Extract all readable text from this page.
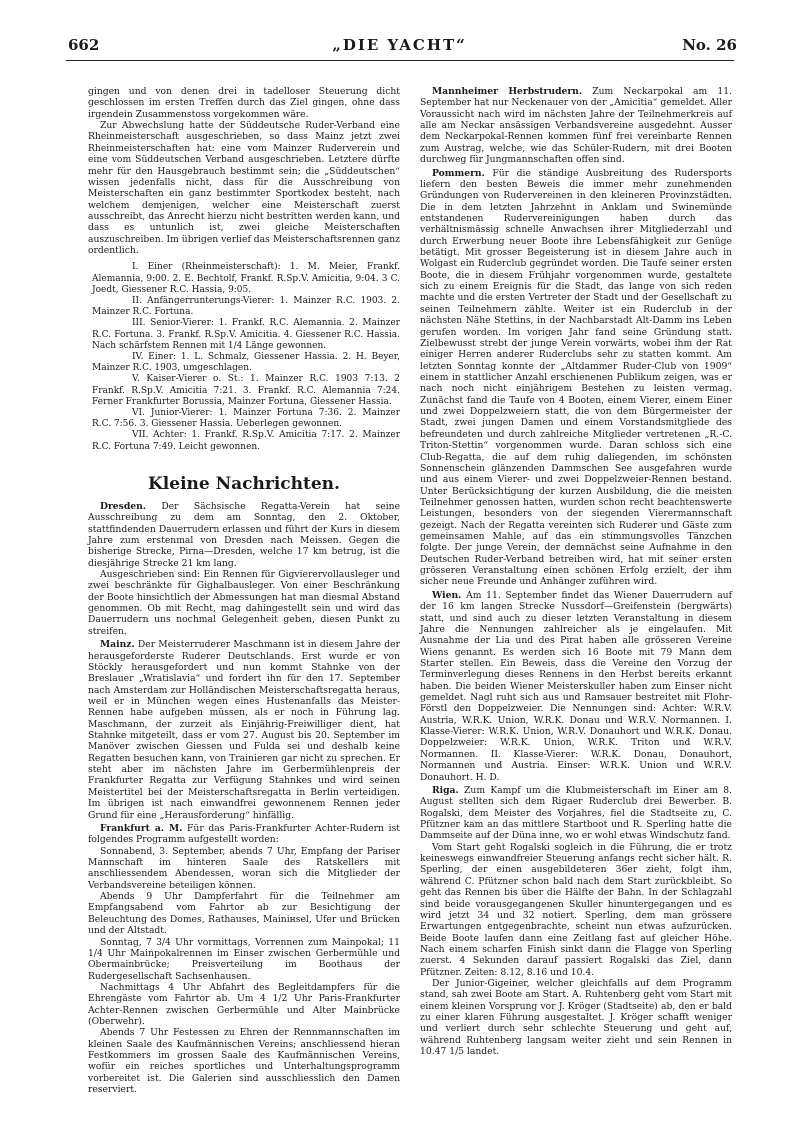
662	„DIE YACHT“	No. 26

gingen und von denen drei in tadelloser Steuerung dicht geschlossen im ersten Treffen durch das Ziel gingen, ohne dass irgendein Zusammenstoss vorgekommen wäre.

Zur Abwechslung hatte der Süddeutsche Ruder-Verband eine Rheinmeisterschaft ausgeschrieben, so dass Mainz jetzt zwei Rheinmeisterschaften hat: eine vom Mainzer Ruderverein und eine vom Süddeutschen Verband ausgeschrieben. Letztere dürfte mehr für den Hausgebrauch bestimmt sein; die „Süddeutschen“ wissen jedenfalls nicht, dass für die Ausschreibung von Meisterschaften ein ganz bestimmter Sportkodex besteht, nach welchem demjenigen, welcher eine Meisterschaft zuerst ausschreibt, das Anrecht hierzu nicht bestritten werden kann, und dass es untunlich ist, zwei gleiche Meisterschaften auszuschreiben. Im übrigen verlief das Meisterschaftsrennen ganz ordentlich.

I. Einer (Rheinmeisterschaft): 1. M. Meier, Frankf. Alemannia, 9:00. 2. E. Bechtolf, Frankf. R.Sp.V. Amicitia, 9:04. 3 C. Joedt, Giessener R.C. Hassia, 9:05.

II. Anfängerrunterungs-Vierer: 1. Mainzer R.C. 1903. 2. Mainzer R.C. Fortuna.

III. Senior-Vierer: 1. Frankf. R.C. Alemannia. 2. Mainzer R.C. Fortuna. 3. Frankf. R.Sp.V. Amicitia. 4. Giessener R.C. Hassia. Nach schärfstem Rennen mit 1/4 Länge gewonnen.

IV. Einer: 1. L. Schmalz, Giessener Hassia. 2. H. Beyer, Mainzer R.C. 1903, umgeschlagen.

V. Kaiser-Vierer o. St.: 1. Mainzer R.C. 1903 7:13. 2 Frankf. R.Sp.V. Amicitia 7:21. 3. Frankf. R.C. Alemannia 7:24. Ferner Frankfurter Borussia, Mainzer Fortuna, Giessener Hassia.

VI. Junior-Vierer: 1. Mainzer Fortuna 7:36. 2. Mainzer R.C. 7:56. 3. Giessener Hassia. Ueberlegen gewonnen.

VII. Achter: 1. Frankf. R.Sp.V. Amicitia 7:17. 2. Mainzer R.C. Fortuna 7:49. Leicht gewonnen.

Kleine Nachrichten.

Dresden. Der Sächsische Regatta-Verein hat seine Ausschreibung zu dem am Sonntag, den 2. Oktober, stattfindenden Dauerrudern erlassen und führt der Kurs in diesem Jahre zum erstenmal von Dresden nach Meissen. Gegen die bisherige Strecke, Pirna—Dresden, welche 17 km betrug, ist die diesjährige Strecke 21 km lang.

Ausgeschrieben sind: Ein Rennen für Gigvierervollausleger und zwei beschränkte für Gighalbausleger. Von einer Beschränkung der Boote hinsichtlich der Abmessungen hat man diesmal Abstand genommen. Ob mit Recht, mag dahingestellt sein und wird das Dauerrudern uns nochmal Gelegenheit geben, diesen Punkt zu streifen.

Mainz. Der Meisterruderer Maschmann ist in diesem Jahre der herausgeforderste Ruderer Deutschlands. Erst wurde er von Stöckly herausgefordert und nun kommt Stahnke von der Breslauer „Wratislavia“ und fordert ihn für den 17. September nach Amsterdam zur Holländischen Meisterschaftsregatta heraus, weil er in München wegen eines Hustenanfalls das Meister-Rennen habe aufgeben müssen, als er noch in Führung lag. Maschmann, der zurzeit als Einjährig-Freiwilliger dient, hat Stahnke mitgeteilt, dass er vom 27. August bis 20. September im Manöver zwischen Giessen und Fulda sei und deshalb keine Regatten besuchen kann, von Trainieren gar nicht zu sprechen. Er steht aber im nächsten Jahre im Gerbermühlenpreis der Frankfurter Regatta zur Verfügung Stahnkes und wird seinen Meistertitel bei der Meisterschaftsregatta in Berlin verteidigen. Im übrigen ist nach einwandfrei gewonnenem Rennen jeder Grund für eine „Herausforderung“ hinfällig.

Frankfurt a. M. Für das Paris-Frankfurter Achter-Rudern ist folgendes Programm aufgestellt worden:

Sonnabend, 3. September, abends 7 Uhr, Empfang der Pariser Mannschaft im hinteren Saale des Ratskellers mit anschliessendem Abendessen, woran sich die Mitglieder der Verbandsvereine beteiligen können.

Abends 9 Uhr Dampferfahrt für die Teilnehmer am Empfangsabend vom Fahrtor ab zur Besichtigung der Beleuchtung des Domes, Rathauses, Mainінsel, Ufer und Brücken und der Altstadt.

Sonntag, 7 3/4 Uhr vormittags, Vorrennen zum Mainpokal; 11 1/4 Uhr Mainpokalrennen im Einser zwischen Gerbermühle und Obermainbrücke; Preisverteilung im Boothaus der Rudergesellschaft Sachsenhausen.

Nachmittags 4 Uhr Abfahrt des Begleitdampfers für die Ehrengäste vom Fahrtor ab. Um 4 1/2 Uhr Paris-Frankfurter Achter-Rennen zwischen Gerbermühle und Alter Mainbrücke (Oberwehr).

Abends 7 Uhr Festessen zu Ehren der Rennmannschaften im kleinen Saale des Kaufmännischen Vereins; anschliessend hieran Festkommers im grossen Saale des Kaufmännischen Vereins, wofür ein reiches sportliches und Unterhaltungsprogramm vorbereitet ist. Die Galerien sind ausschliesslich den Damen reserviert.

Mannheimer Herbstrudern. Zum Neckarpokal am 11. September hat nur Neckenauer von der „Amicitia“ gemeldet. Aller Voraussicht nach wird im nächsten Jahre der Teilnehmerkreis auf alle am Neckar ansässigen Verbandsvereine ausgedehnt. Ausser dem Neckarpokal-Rennen kommen fünf frei vereinbarte Rennen zum Austrag, welche, wie das Schüler-Rudern, mit drei Booten durchweg für Jungmannschaften offen sind.

Pommern. Für die ständige Ausbreitung des Rudersports liefern den besten Beweis die immer mehr zunehmenden Gründungen von Rudervereinen in den kleineren Provinzstädten. Die in dem letzten Jahrzehnt in Anklam und Swinemünde entstandenen Rudervereinigungen haben durch das verhältnismässig schnelle Anwachsen ihrer Mitgliederzahl und durch Erwerbung neuer Boote ihre Lebensfähigkeit zur Genüge betätigt. Mit grosser Begeisterung ist in diesem Jahre auch in Wolgast ein Ruderclub gegründet worden. Die Taufe seiner ersten Boote, die in diesem Frühjahr vorgenommen wurde, gestaltete sich zu einem Ereignis für die Stadt, das lange von sich reden machte und die ersten Vertreter der Stadt und der Gesellschaft zu seinen Teilnehmern zählte. Weiter ist ein Ruderclub in der nächsten Nähe Stettins, in der Nachbarstadt Alt-Damm ins Leben gerufen worden. Im vorigen Jahr fand seine Gründung statt. Zielbewusst strebt der junge Verein vorwärts, wobei ihm der Rat einiger Herren anderer Ruderclubs sehr zu statten kommt. Am letzten Sonntag konnte der „Altdammer Ruder-Club von 1909“ einem in stattlicher Anzahl erschienenen Publikum zeigen, was er nach noch nicht einjährigem Bestehen zu leisten vermag. Zunächst fand die Taufe von 4 Booten, einem Vierer, einem Einer und zwei Doppelzweiern statt, die von dem Bürgermeister der Stadt, zwei jungen Damen und einem Vorstandsmitgliede des befreundeten und durch zahlreiche Mitglieder vertretenen „R.-C. Triton-Stettin“ vorgenommen wurde. Daran schloss sich eine Club-Regatta, die auf dem ruhig daliegenden, im schönsten Sonnenschein glänzenden Dammschen See ausgefahren wurde und aus einem Vierer- und zwei Doppelzweier-Rennen bestand. Unter Berücksichtigung der kurzen Ausbildung, die die meisten Teilnehmer genossen hatten, wurden schon recht beachtenswerte Leistungen, besonders von der siegenden Vierermannschaft gezeigt. Nach der Regatta vereinten sich Ruderer und Gäste zum gemeinsamen Mahle, auf das ein stimmungsvolles Tänzchen folgte. Der junge Verein, der demnächst seine Aufnahme in den Deutschen Ruder-Verband betreiben wird, hat mit seiner ersten grösseren Veranstaltung einen schönen Erfolg erzielt, der ihm sicher neue Freunde und Anhänger zuführen wird.

Wien. Am 11. September findet das Wiener Dauerrudern auf der 16 km langen Strecke Nussdorf—Greifenstein (bergwärts) statt, und sind auch zu dieser letzten Veranstaltung in diesem Jahre die Nennungen zahlreicher als je eingelaufen. Mit Ausnahme der Lia und des Pirat haben alle grösseren Vereine Wiens genannt. Es werden sich 16 Boote mit 79 Mann dem Starter stellen. Ein Beweis, dass die Vereine den Vorzug der Terminverlegung dieses Rennens in den Herbst bereits erkannt haben. Die beiden Wiener Meisterskuller haben zum Einser nicht gemeldet. Nagl ruht sich aus und Ramsauer bestreitet mit Flohr-Förstl den Doppelzweier. Die Nennungen sind: Achter: W.R.V. Austria, W.R.K. Union, W.R.K. Donau und W.R.V. Normannen. I. Klasse-Vierer: W.R.K. Union, W.R.V. Donauhort und W.R.K. Donau. Doppelzweier: W.R.K. Union, W.R.K. Triton und W.R.V. Normannen. II. Klasse-Vierer: W.R.K. Donau, Donauhort, Normannen und Austria. Einser: W.R.K. Union und W.R.V. Donauhort. H. D.

Riga. Zum Kampf um die Klubmeisterschaft im Einer am 8. August stellten sich dem Rigaer Ruderclub drei Bewerber. B. Rogalski, dem Meister des Vorjahres, fiel die Stadtseite zu, C. Pfützner kam an das mittlere Startboot und R. Sperling hatte die Dammseite auf der Düna inne, wo er wohl etwas Windschutz fand.

Vom Start geht Rogalski sogleich in die Führung, die er trotz keineswegs einwandfreier Steuerung anfangs recht sicher hält. R. Sperling, der einen ausgebildeteren 36er zieht, folgt ihm, während C. Pfützner schon bald nach dem Start zurückbleibt. So geht das Rennen bis über die Hälfte der Bahn. In der Schlagzahl sind beide vorausgegangenen Skuller hinuntergegangen und es wird jetzt 34 und 32 notiert. Sperling, dem man grössere Erwartungen entgegenbrachte, scheint nun etwas aufzurücken. Beide Boote laufen dann eine Zeitlang fast auf gleicher Höhe. Nach einem scharfen Finish sinkt dann die Flagge von Sperling zuerst. 4 Sekunden darauf passiert Rogalski das Ziel, dann Pfützner. Zeiten: 8.12, 8.16 und 10.4.

Der Junior-Gigeiner, welcher gleichfalls auf dem Programm stand, sah zwei Boote am Start. A. Ruhtenberg geht vom Start mit einem kleinen Vorsprung vor J. Kröger (Stadtseite) ab, den er bald zu einer klaren Führung ausgestaltet. J. Kröger schafft weniger und verliert durch sehr schlechte Steuerung und geht auf, während Ruhtenberg langsam weiter zieht und sein Rennen in 10.47 1/5 landet.
